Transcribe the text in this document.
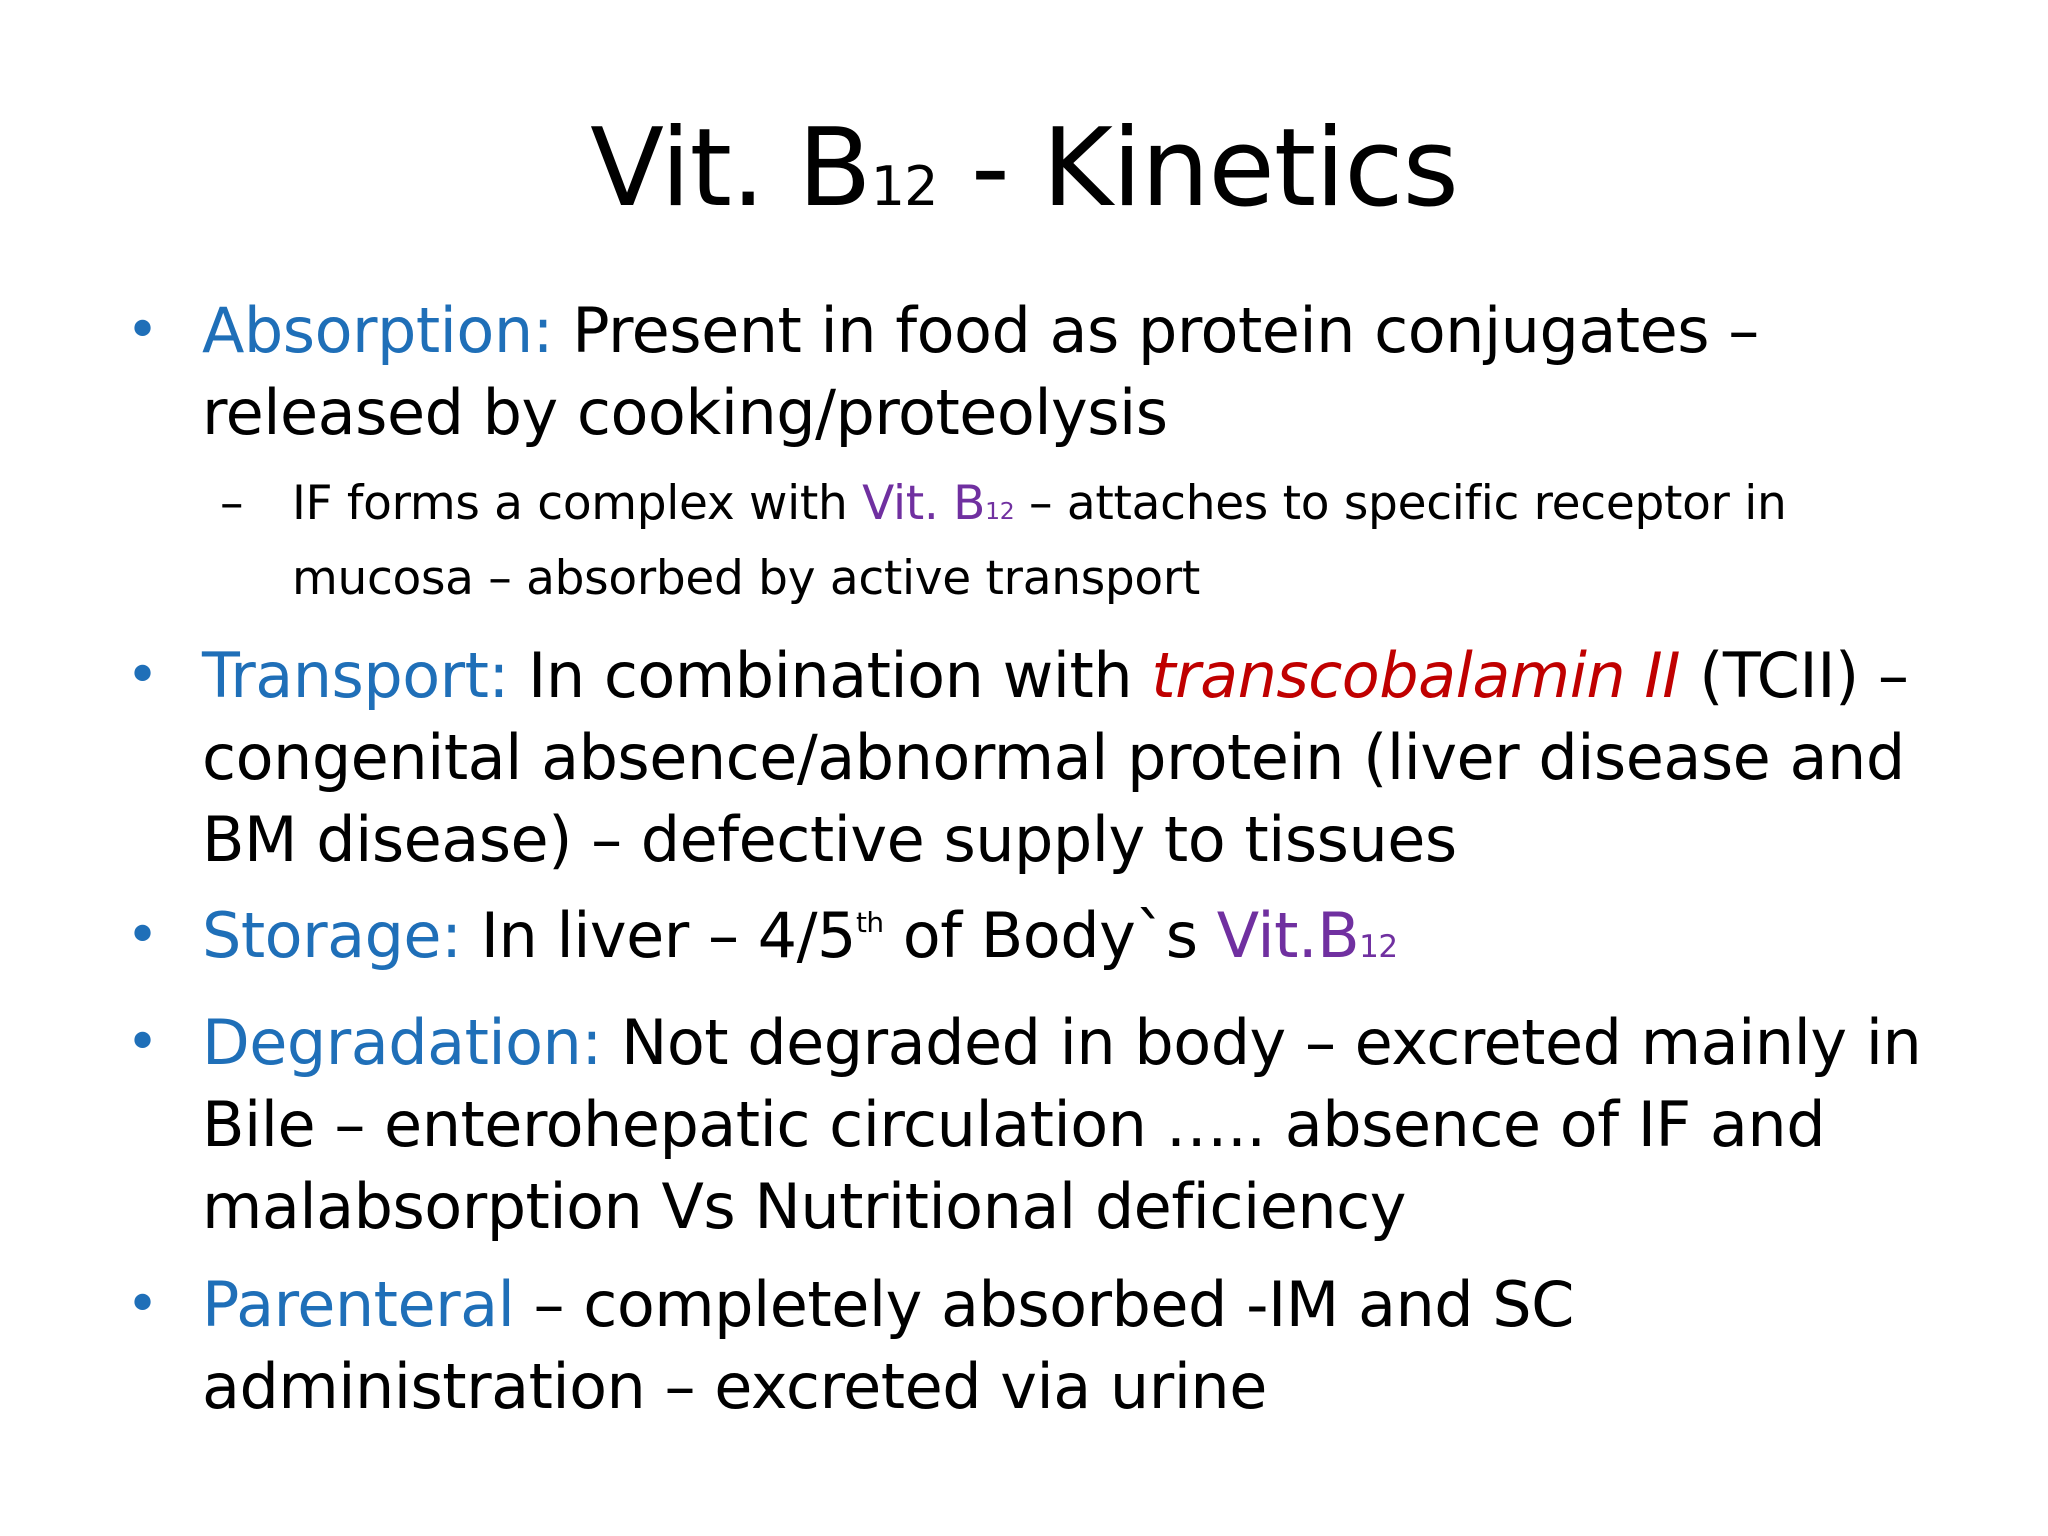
Vit. B12 - Kinetics
• Absorption: Present in food as protein conjugates – released by cooking/proteolysis
– IF forms a complex with Vit. B12 – attaches to specific receptor in mucosa – absorbed by active transport
• Transport: In combination with transcobalamin II (TCII) – congenital absence/abnormal protein (liver disease and BM disease) – defective supply to tissues
• Storage: In liver – 4/5th of Body`s Vit.B12
• Degradation: Not degraded in body – excreted mainly in Bile – enterohepatic circulation ….. absence of IF and malabsorption Vs Nutritional deficiency
• Parenteral – completely absorbed -IM and SC administration – excreted via urine
